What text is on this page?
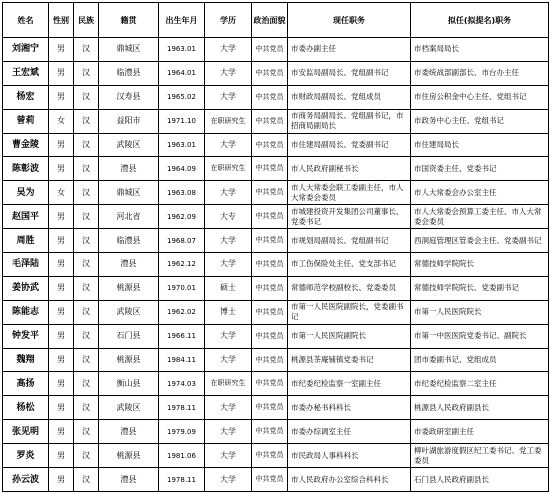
姓名	性别	民族	籍贯	出生年月	学历	政治面貌	现任职务	拟任(拟提名)职务
刘湘宁	男	汉	鼎城区	1963.01	大学	中共党员	市委办副主任	市档案局局长
王宏斌	男	汉	临澧县	1964.01	大学	中共党员	市安监局副局长、党组副书记	市委统战部副部长、市台办主任
杨宏	男	汉	汉寿县	1965.02	大学	中共党员	市财政局副局长、党组成员	市住房公积金中心主任、党组书记
曾莉	女	汉	益阳市	1971.10	在职研究生	中共党员	市商务局副局长、党组副书记，市招商局副局长	市政务中心主任、党组书记
曹金陵	男	汉	武陵区	1963.01	大学	中共党员	市住建局副局长、党委副书记	市住建局局长
陈彰波	男	汉	澧县	1964.09	在职研究生	中共党员	市人民政府副秘书长	市国资委主任、党委书记
吴为	女	汉	鼎城区	1963.08	大学	中共党员	市人大常委会联工委副主任，市人大常委会委员	市人大常委会办公室主任
赵国平	男	汉	河北省	1962.09	大专	中共党员	市城建投资开发集团公司董事长、党委书记	市人大常委会预算工委主任、市人大常委会委员
周胜	男	汉	临澧县	1968.07	大学	中共党员	市规划局副局长、党组副书记	西洞庭管理区管委会主任、党委副书记
毛泽陆	男	汉	澧县	1962.12	大学	中共党员	市工伤保险处主任、党支部书记	常德技师学院院长
姜协武	男	汉	桃源县	1970.01	硕士	中共党员	常德师范学校副校长、党委委员	常德技师学院院长、党委副书记
陈能志	男	汉	武陵区	1962.02	博士	中共党员	市第一人民医院副院长，党委副书记	市第一人民医院院长
钟发平	男	汉	石门县	1966.11	大学	中共党员	市第一人民医院副院长	市第一中医医院党委书记、副院长
魏翔	男	汉	桃源县	1984.11	大学	中共党员	桃源县茶庵铺镇党委书记	团市委副书记、党组成员
高扬	男	汉	衡山县	1974.03	在职研究生	中共党员	市纪委纪检监察一室副主任	市纪委纪检监察二室主任
杨松	男	汉	武陵区	1978.11	大学	中共党员	市委办秘书科科长	桃源县人民政府副县长
张见明	男	汉	澧县	1979.09	大学	中共党员	市委办综调室主任	市委政研室副主任
罗炎	男	汉	桃源县	1981.06	大学	中共党员	市民政局人事科科长	柳叶湖旅游度假区纪工委书记、党工委委员
孙云波	男	汉	澧县	1978.11	大学	中共党员	市人民政府办公室综合科科长	石门县人民政府副县长
